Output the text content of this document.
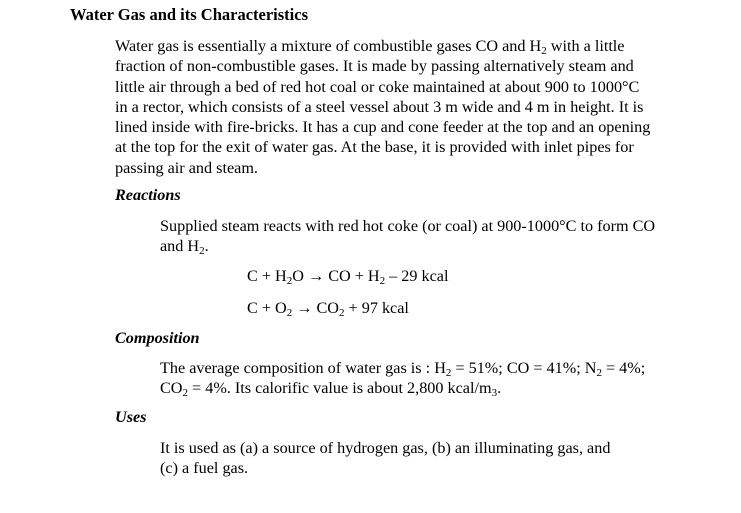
Water Gas and its Characteristics
Water gas is essentially a mixture of combustible gases CO and $H_2$ with a little
fraction of non-combustible gases. It is made by passing alternatively steam and
little air through a bed of red hot coal or coke maintained at about 900 to 1000°C
in a rector, which consists of a steel vessel about 3 m wide and 4 m in height. It is
lined inside with fire-bricks. It has a cup and cone feeder at the top and an opening
at the top for the exit of water gas. At the base, it is provided with inlet pipes for
passing air and steam.
Reactions
Supplied steam reacts with red hot coke (or coal) at 900-1000°C to form CO
and $H_2$.
$C + H_2O$ → CO + $H_2 - 29$ kcal
$C + O_2 \to CO_2 + 97$ kcal
Composition
The average composition of water gas is : $H_2 = 51\%$; CO = 41%; $N_2 = 4\%$;
$CO_2 = 4\%$. Its calorific value is about 2,800 kcal/$m_3$.
Uses
It is used as (a) a source of hydrogen gas, (b) an illuminating gas, and
(c) a fuel gas.
